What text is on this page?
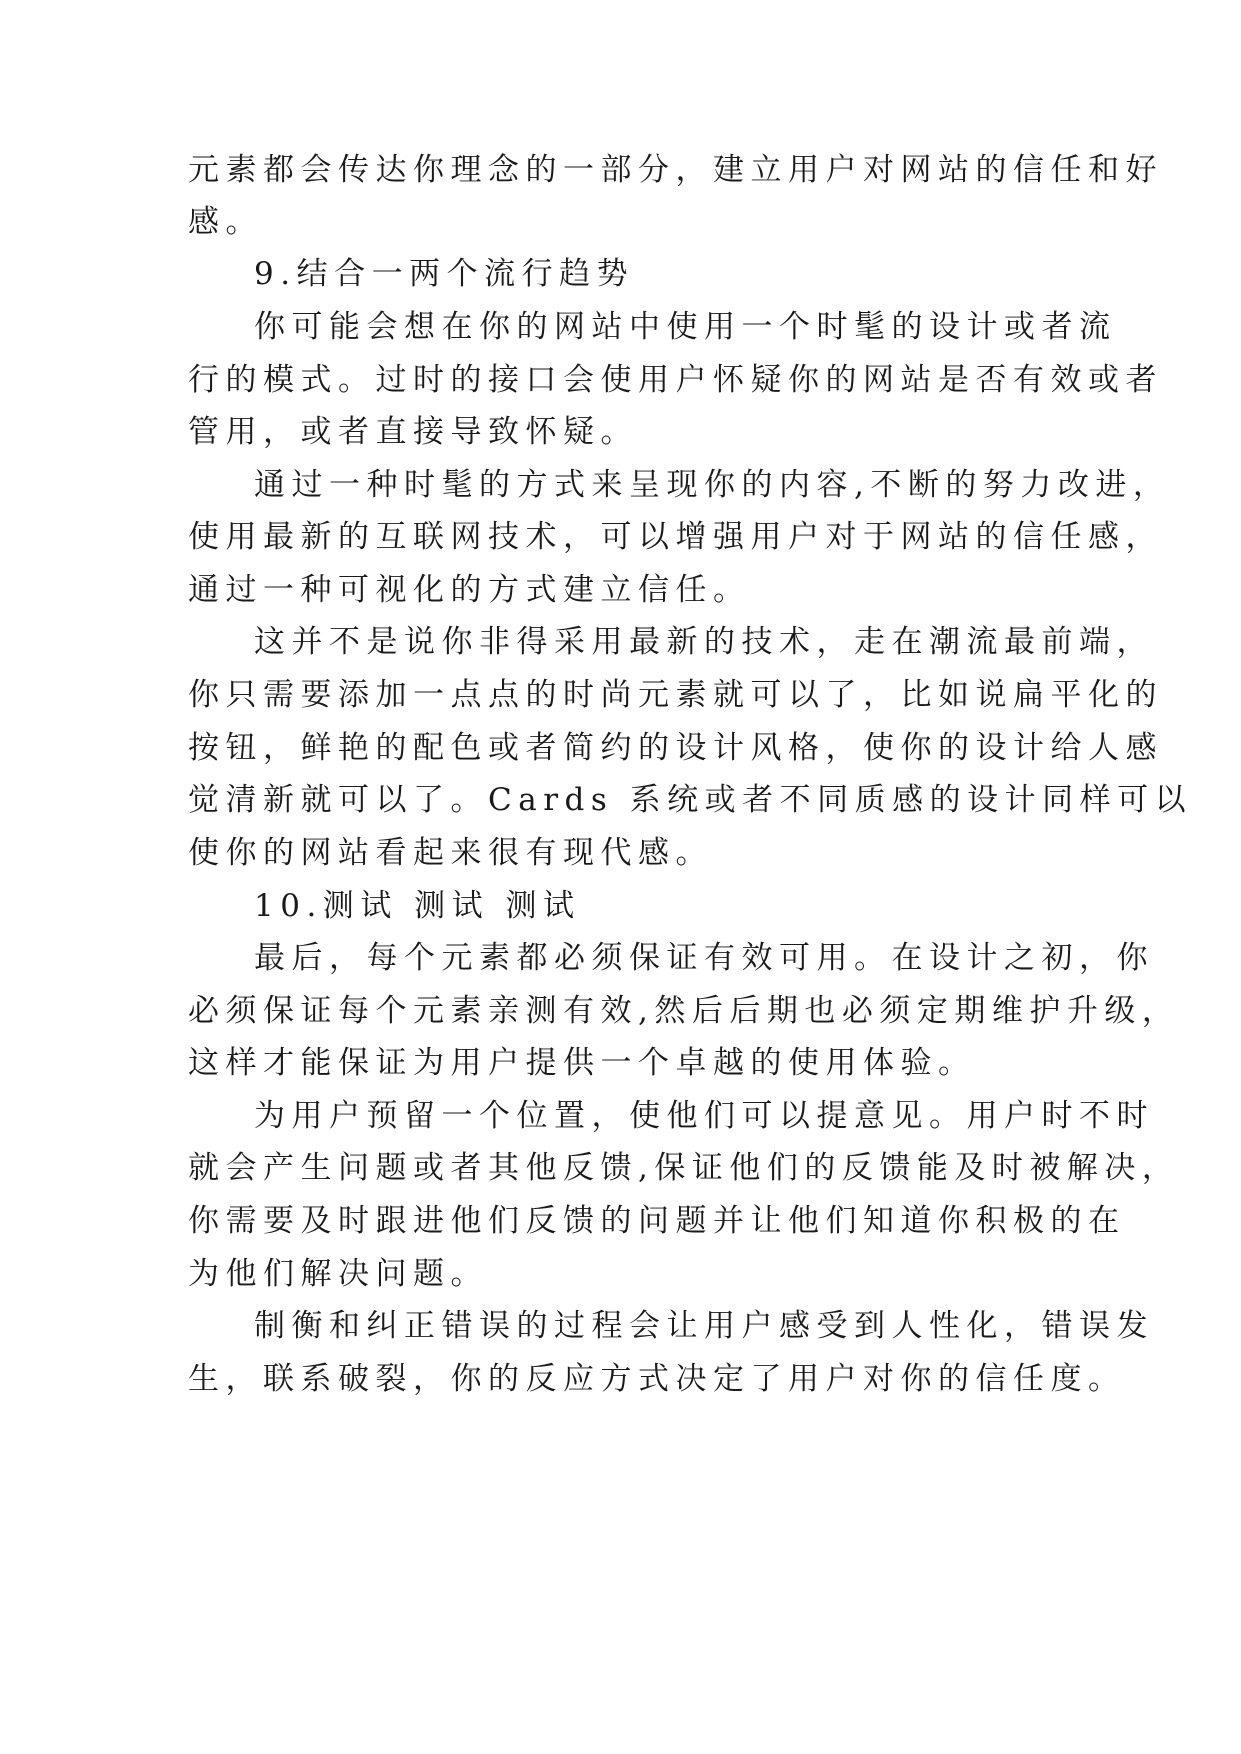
元素都会传达你理念的一部分，建立用户对网站的信任和好
感。
9.结合一两个流行趋势
你可能会想在你的网站中使用一个时髦的设计或者流
行的模式。过时的接口会使用户怀疑你的网站是否有效或者
管用，或者直接导致怀疑。
通过一种时髦的方式来呈现你的内容,不断的努力改进，
使用最新的互联网技术，可以增强用户对于网站的信任感，
通过一种可视化的方式建立信任。
这并不是说你非得采用最新的技术，走在潮流最前端，
你只需要添加一点点的时尚元素就可以了，比如说扁平化的
按钮，鲜艳的配色或者简约的设计风格，使你的设计给人感
觉清新就可以了。Cards 系统或者不同质感的设计同样可以
使你的网站看起来很有现代感。
10.测试 测试 测试
最后，每个元素都必须保证有效可用。在设计之初，你
必须保证每个元素亲测有效,然后后期也必须定期维护升级，
这样才能保证为用户提供一个卓越的使用体验。
为用户预留一个位置，使他们可以提意见。用户时不时
就会产生问题或者其他反馈,保证他们的反馈能及时被解决，
你需要及时跟进他们反馈的问题并让他们知道你积极的在
为他们解决问题。
制衡和纠正错误的过程会让用户感受到人性化，错误发
生，联系破裂，你的反应方式决定了用户对你的信任度。
